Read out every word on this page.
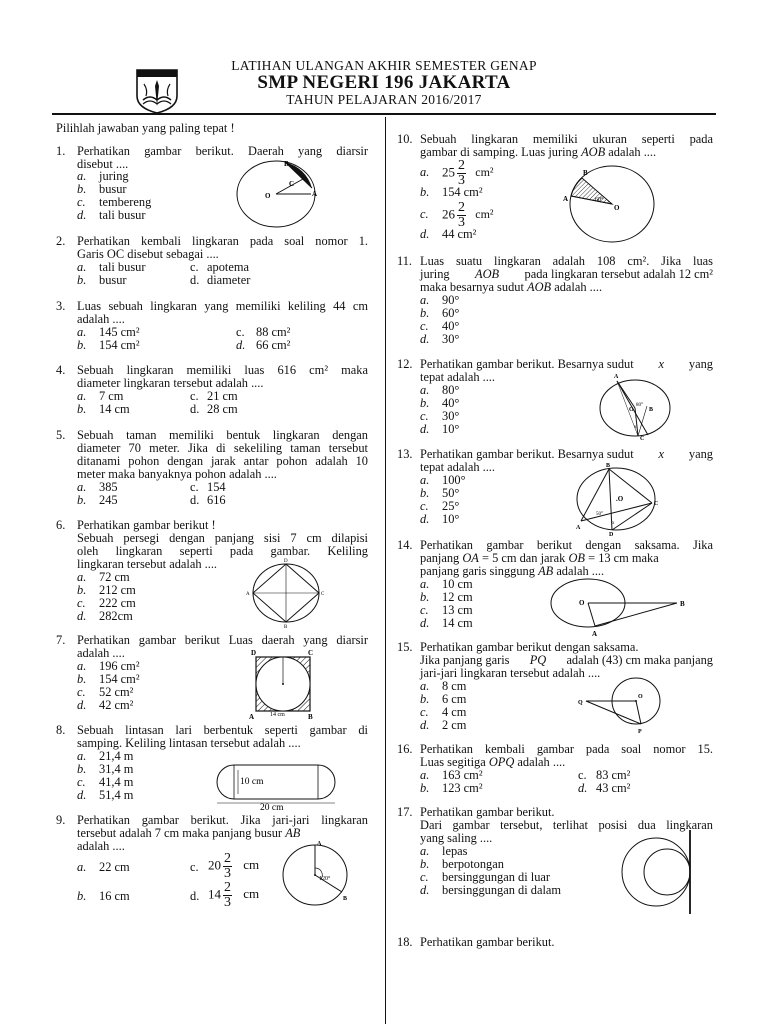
LATIHAN ULANGAN AKHIR SEMESTER GENAP
SMP NEGERI 196 JAKARTA
TAHUN PELAJARAN 2016/2017
Pilihlah jawaban yang paling tepat !
1. Perhatikan gambar berikut. Daerah yang diarsir
disebut ....
a. juring
b. busur
c. tembereng
d. tali busur
B
C
O	A
2. Perhatikan kembali lingkaran pada soal nomor 1.
Garis OC disebut sebagai ....
a. tali busur
b. busur
c. apotema
d. diameter
3. Luas sebuah lingkaran yang memiliki keliling 44 cm
adalah ....
a. 145 cm²
b. 154 cm²
c. 88 cm²
d. 66 cm²
4. Sebuah lingkaran memiliki luas 616 cm² maka
diameter lingkaran tersebut adalah ....
a. 7 cm
b. 14 cm
c. 21 cm
d. 28 cm
5. Sebuah taman memiliki bentuk lingkaran dengan
diameter 70 meter. Jika di sekeliling taman tersebut
ditanami pohon dengan jarak antar pohon adalah 10
meter maka banyaknya pohon adalah ....
a. 385
b. 245
c. 154
d. 616
6. Perhatikan gambar berikut !
Sebuah persegi dengan panjang sisi 7 cm dilapisi
oleh lingkaran seperti pada gambar. Keliling
lingkaran tersebut adalah ....
a. 72 cm
b. 212 cm
c. 222 cm
d. 282cm
D
A	C
B
7. Perhatikan gambar berikut Luas daerah yang diarsir
adalah ....
a. 196 cm²
b. 154 cm²
c. 52 cm²
d. 42 cm²
D	C
A	B
14 cm
8. Sebuah lintasan lari berbentuk seperti gambar di
samping. Keliling lintasan tersebut adalah ....
a. 21,4 m
b. 31,4 m
c. 41,4 m
d. 51,4 m
10 cm
20 cm
9. Perhatikan gambar berikut. Jika jari-jari lingkaran
tersebut adalah 7 cm maka panjang busur AB
adalah ....
a. 22 cm
b. 16 cm
c. $20 \frac{2}{3}$ cm
d. $14 \frac{2}{3}$ cm
A
120°
B
10. Sebuah lingkaran memiliki ukuran seperti pada
gambar di samping. Luas juring AOB adalah ....
a. $25 \frac{2}{3} cm^2$
b. 154 cm²
c. $26 \frac{2}{3} cm^2$
d. 44 cm²
B
A
O
60°
11. Luas suatu lingkaran adalah 108 cm². Jika luas
juring AOB pada lingkaran tersebut adalah 12 cm²
maka besarnya sudut AOB adalah ....
a. 90°
b. 60°
c. 40°
d. 30°
12. Perhatikan gambar berikut. Besarnya sudut x yang
tepat adalah ....
a. 80°
b. 40°
c. 30°
d. 10°
A
B
O
80°
x
C
13. Perhatikan gambar berikut. Besarnya sudut x yang
tepat adalah ....
a. 100°
b. 50°
c. 25°
d. 10°
B
.O
C
A
D
50°
x
14. Perhatikan gambar berikut dengan saksama. Jika
panjang OA = 5 cm dan jarak OB = 13 cm maka
panjang garis singgung AB adalah ....
a. 10 cm
b. 12 cm
c. 13 cm
d. 14 cm
O	B
A
15. Perhatikan gambar berikut dengan saksama.
Jika panjang garis PQ adalah (43) cm maka panjang
jari-jari lingkaran tersebut adalah ....
a. 8 cm
b. 6 cm
c. 4 cm
d. 2 cm
Q
O
P
16. Perhatikan kembali gambar pada soal nomor 15.
Luas segitiga OPQ adalah ....
a. 163 cm²
b. 123 cm²
c. 83 cm²
d. 43 cm²
17. Perhatikan gambar berikut.
Dari gambar tersebut, terlihat posisi dua lingkaran
yang saling ....
a. lepas
b. berpotongan
c. bersinggungan di luar
d. bersinggungan di dalam
18. Perhatikan gambar berikut.
